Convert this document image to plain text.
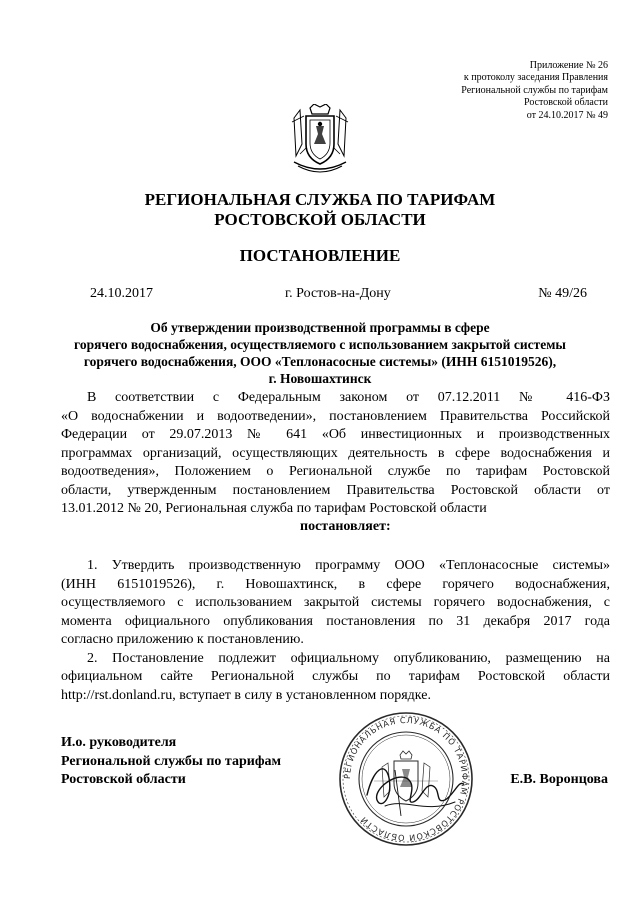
Приложение № 26
к протоколу заседания Правления
Региональной службы по тарифам
Ростовской области
от 24.10.2017 № 49
РЕГИОНАЛЬНАЯ СЛУЖБА ПО ТАРИФАМ
РОСТОВСКОЙ ОБЛАСТИ
ПОСТАНОВЛЕНИЕ
24.10.2017	г. Ростов-на-Дону	№ 49/26
Об утверждении производственной программы в сфере
горячего водоснабжения, осуществляемого с использованием закрытой системы
горячего водоснабжения, ООО «Теплонасосные системы» (ИНН 6151019526),
г. Новошахтинск
В соответствии с Федеральным законом от 07.12.2011 № 416-ФЗ
«О водоснабжении и водоотведении», постановлением Правительства Российской
Федерации от 29.07.2013 № 641 «Об инвестиционных и производственных
программах организаций, осуществляющих деятельность в сфере водоснабжения и
водоотведения», Положением о Региональной службе по тарифам Ростовской
области, утвержденным постановлением Правительства Ростовской области от
13.01.2012 № 20, Региональная служба по тарифам Ростовской области
постановляет:
1. Утвердить производственную программу ООО «Теплонасосные системы»
(ИНН 6151019526), г. Новошахтинск, в сфере горячего водоснабжения,
осуществляемого с использованием закрытой системы горячего водоснабжения, с
момента официального опубликования постановления по 31 декабря 2017 года
согласно приложению к постановлению.
2. Постановление подлежит официальному опубликованию, размещению на
официальном сайте Региональной службы по тарифам Ростовской области
http://rst.donland.ru, вступает в силу в установленном порядке.
И.о. руководителя
Региональной службы по тарифам
Ростовской области	РЕГИОНАЛЬНАЯ СЛУЖБА ПО ТАРИФАМ РОСТОВСКОЙ ОБЛАСТИ
Е.В. Воронцова
